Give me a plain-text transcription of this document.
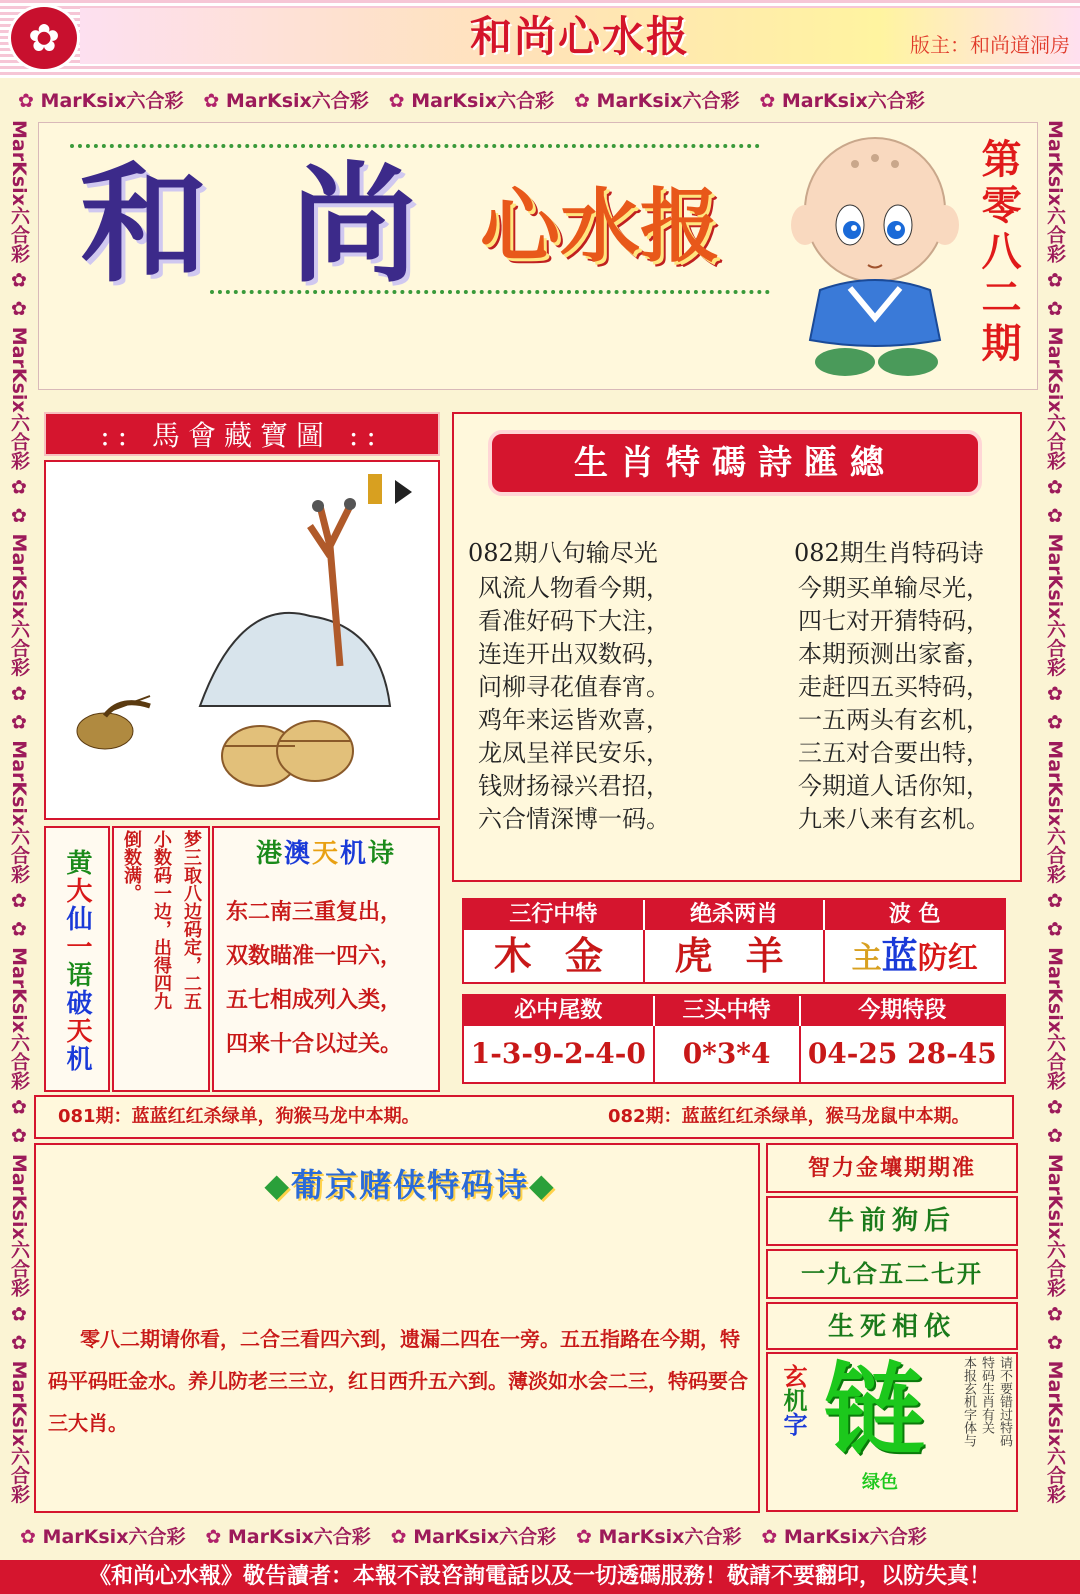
✿	和尚心水报	版主：和尚道洞房
✿ MarKsix六合彩 ✿ MarKsix六合彩 ✿ MarKsix六合彩 ✿ MarKsix六合彩 ✿ MarKsix六合彩
✿ MarKsix六合彩 ✿ MarKsix六合彩 ✿ MarKsix六合彩 ✿ MarKsix六合彩 ✿ MarKsix六合彩
MarKsix六合彩 ✿ ✿ MarKsix六合彩 ✿ ✿ MarKsix六合彩 ✿ ✿ MarKsix六合彩 ✿ ✿ MarKsix六合彩 ✿ ✿ MarKsix六合彩 ✿ ✿ MarKsix六合彩
MarKsix六合彩 ✿ ✿ MarKsix六合彩 ✿ ✿ MarKsix六合彩 ✿ ✿ MarKsix六合彩 ✿ ✿ MarKsix六合彩 ✿ ✿ MarKsix六合彩 ✿ ✿ MarKsix六合彩
和 尚 心水报	第零八二期
:: 馬會藏寶圖 ::
生肖特碼詩匯總
082期八句输尽光	082期生肖特码诗
风流人物看今期，
看准好码下大注，
连连开出双数码，
问柳寻花值春宵。
鸡年来运皆欢喜，
龙凤呈祥民安乐，
钱财扬禄兴君招，
六合情深博一码。
今期买单输尽光，
四七对开猜特码，
本期预测出家畜，
走赶四五买特码，
一五两头有玄机，
三五对合要出特，
今期道人话你知，
九来八来有玄机。
黄大仙一语破天机
梦三取八边码定，二五
小数码一边，出得四九
倒数满。	港澳天机诗
东二南三重复出，
双数瞄准一四六，
五七相成列入类，
四来十合以过关。
三行中特	绝杀两肖	波 色
木 金	虎 羊	主蓝防红
必中尾数	三头中特	今期特段
1-3-9-2-4-0	0*3*4	04-25 28-45
081期：蓝蓝红红杀绿单，狗猴马龙中本期。	082期：蓝蓝红红杀绿单，猴马龙鼠中本期。
◆葡京赌侠特码诗◆
零八二期请你看，二合三看四六到，遗漏二四在一旁。五五指路在今期，特码平码旺金水。养儿防老三三立，红日西升五六到。薄淡如水会二三，特码要合三大肖。
智力金壤期期准
牛前狗后
一九合五二七开
生死相依
玄机字 链
绿色
请不要错过特码
特码生肖有关
本报玄机字体与
《和尚心水報》敬告讀者：本報不設咨詢電話以及一切透碼服務！敬請不要翻印，以防失真！
